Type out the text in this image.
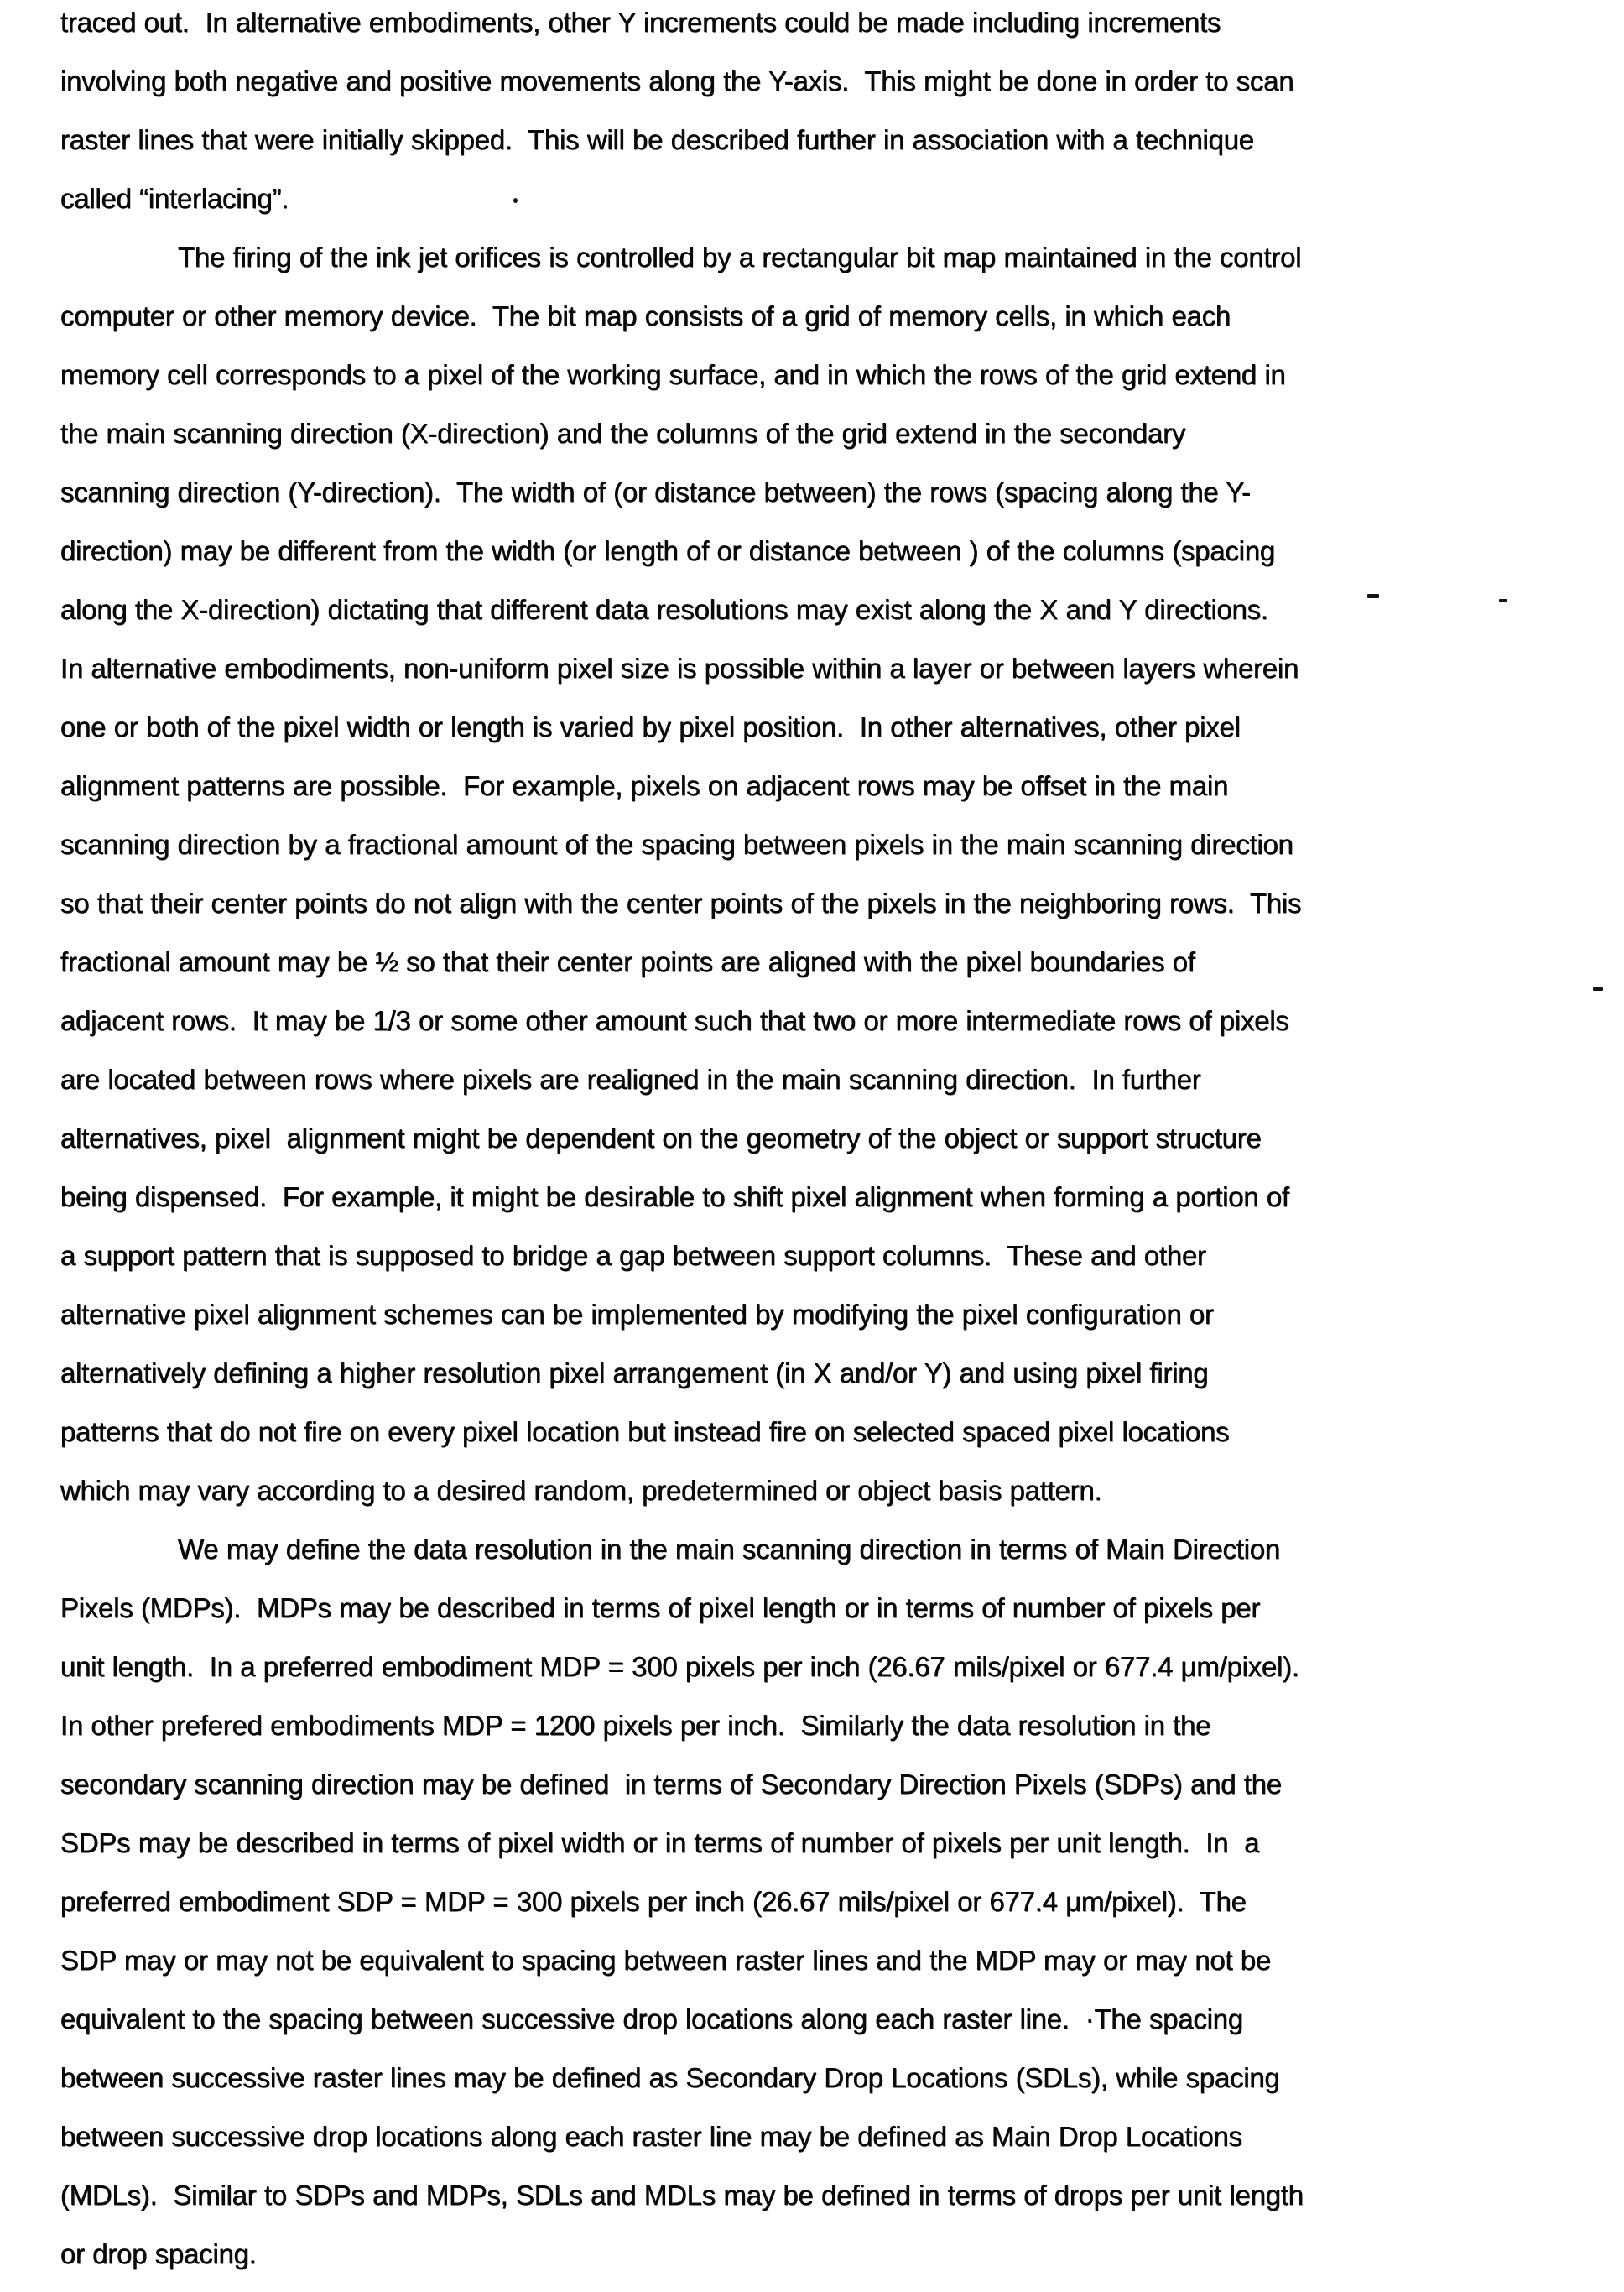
traced out.  In alternative embodiments, other Y increments could be made including increments
involving both negative and positive movements along the Y-axis.  This might be done in order to scan
raster lines that were initially skipped.  This will be described further in association with a technique
called “interlacing”.
The firing of the ink jet orifices is controlled by a rectangular bit map maintained in the control
computer or other memory device.  The bit map consists of a grid of memory cells, in which each
memory cell corresponds to a pixel of the working surface, and in which the rows of the grid extend in
the main scanning direction (X-direction) and the columns of the grid extend in the secondary
scanning direction (Y-direction).  The width of (or distance between) the rows (spacing along the Y-
direction) may be different from the width (or length of or distance between ) of the columns (spacing
along the X-direction) dictating that different data resolutions may exist along the X and Y directions.
In alternative embodiments, non-uniform pixel size is possible within a layer or between layers wherein
one or both of the pixel width or length is varied by pixel position.  In other alternatives, other pixel
alignment patterns are possible.  For example, pixels on adjacent rows may be offset in the main
scanning direction by a fractional amount of the spacing between pixels in the main scanning direction
so that their center points do not align with the center points of the pixels in the neighboring rows.  This
fractional amount may be ½ so that their center points are aligned with the pixel boundaries of
adjacent rows.  It may be 1/3 or some other amount such that two or more intermediate rows of pixels
are located between rows where pixels are realigned in the main scanning direction.  In further
alternatives, pixel  alignment might be dependent on the geometry of the object or support structure
being dispensed.  For example, it might be desirable to shift pixel alignment when forming a portion of
a support pattern that is supposed to bridge a gap between support columns.  These and other
alternative pixel alignment schemes can be implemented by modifying the pixel configuration or
alternatively defining a higher resolution pixel arrangement (in X and/or Y) and using pixel firing
patterns that do not fire on every pixel location but instead fire on selected spaced pixel locations
which may vary according to a desired random, predetermined or object basis pattern.
We may define the data resolution in the main scanning direction in terms of Main Direction
Pixels (MDPs).  MDPs may be described in terms of pixel length or in terms of number of pixels per
unit length.  In a preferred embodiment MDP = 300 pixels per inch (26.67 mils/pixel or 677.4 μm/pixel).
In other prefered embodiments MDP = 1200 pixels per inch.  Similarly the data resolution in the
secondary scanning direction may be defined  in terms of Secondary Direction Pixels (SDPs) and the
SDPs may be described in terms of pixel width or in terms of number of pixels per unit length.  In  a
preferred embodiment SDP = MDP = 300 pixels per inch (26.67 mils/pixel or 677.4 μm/pixel).  The
SDP may or may not be equivalent to spacing between raster lines and the MDP may or may not be
equivalent to the spacing between successive drop locations along each raster line.  ·The spacing
between successive raster lines may be defined as Secondary Drop Locations (SDLs), while spacing
between successive drop locations along each raster line may be defined as Main Drop Locations
(MDLs).  Similar to SDPs and MDPs, SDLs and MDLs may be defined in terms of drops per unit length
or drop spacing.
